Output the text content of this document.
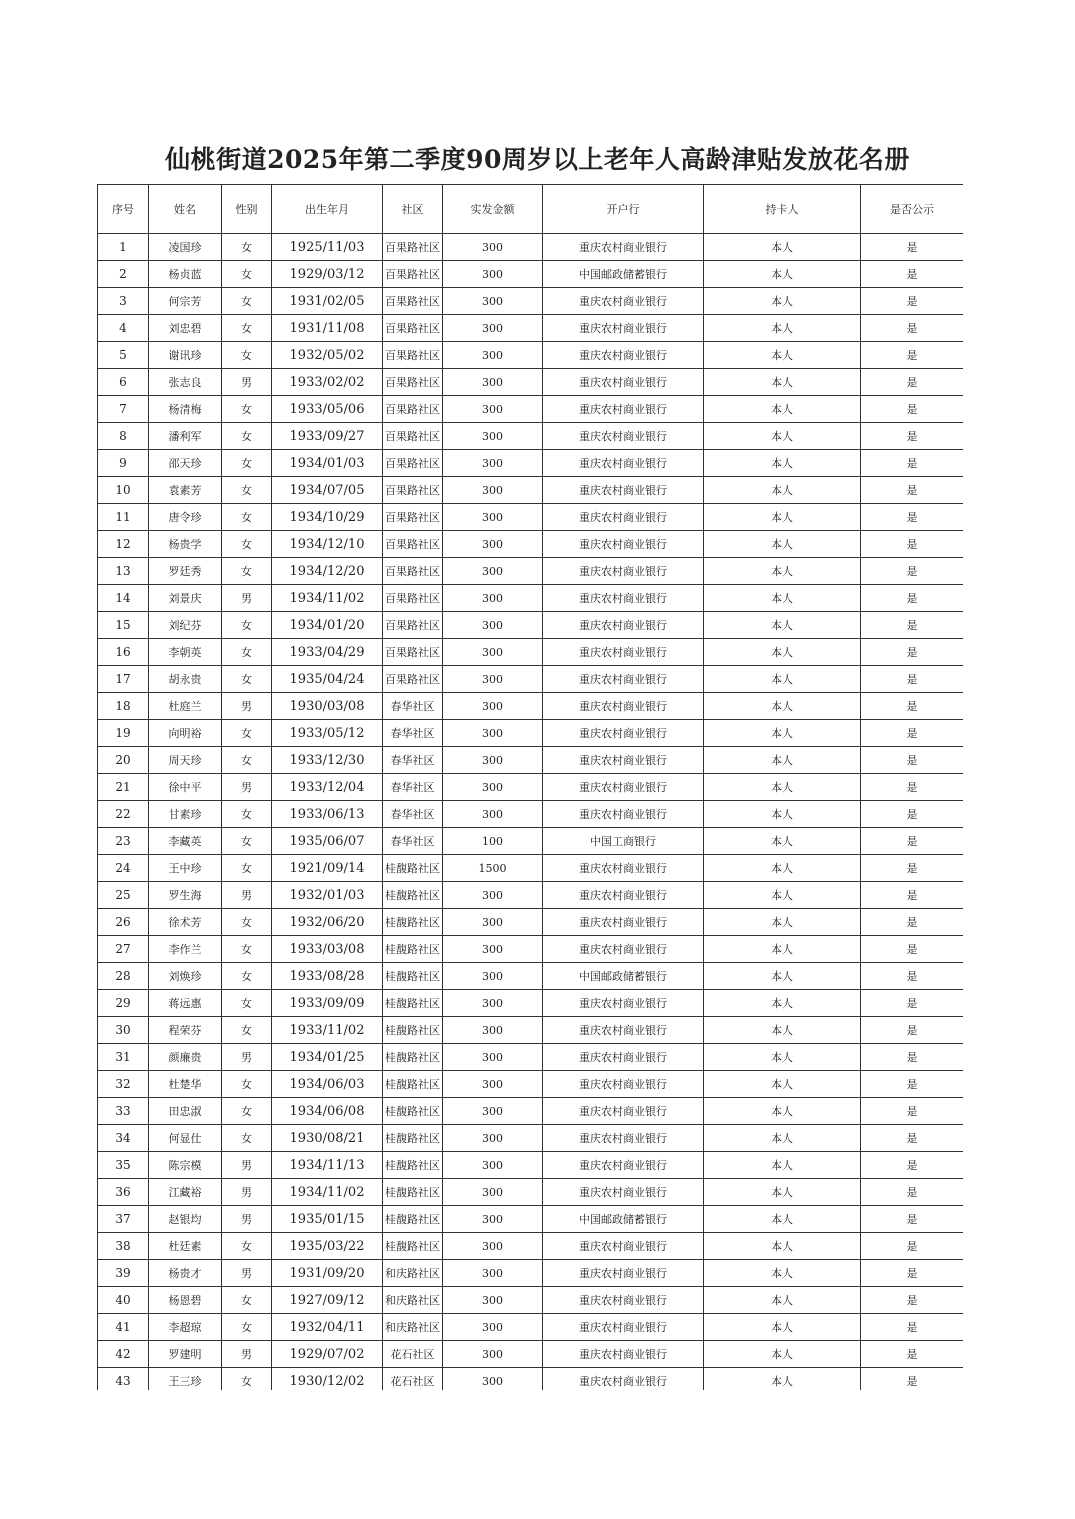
仙桃街道2025年第二季度90周岁以上老年人高龄津贴发放花名册
序号	姓名	性别	出生年月	社区	实发金额	开户行	持卡人	是否公示
1	凌国珍	女	1925/11/03	百果路社区	300	重庆农村商业银行	本人	是
2	杨贞蓝	女	1929/03/12	百果路社区	300	中国邮政储蓄银行	本人	是
3	何宗芳	女	1931/02/05	百果路社区	300	重庆农村商业银行	本人	是
4	刘忠碧	女	1931/11/08	百果路社区	300	重庆农村商业银行	本人	是
5	谢讯珍	女	1932/05/02	百果路社区	300	重庆农村商业银行	本人	是
6	张志良	男	1933/02/02	百果路社区	300	重庆农村商业银行	本人	是
7	杨清梅	女	1933/05/06	百果路社区	300	重庆农村商业银行	本人	是
8	潘利军	女	1933/09/27	百果路社区	300	重庆农村商业银行	本人	是
9	邵天珍	女	1934/01/03	百果路社区	300	重庆农村商业银行	本人	是
10	袁素芳	女	1934/07/05	百果路社区	300	重庆农村商业银行	本人	是
11	唐令珍	女	1934/10/29	百果路社区	300	重庆农村商业银行	本人	是
12	杨贵学	女	1934/12/10	百果路社区	300	重庆农村商业银行	本人	是
13	罗廷秀	女	1934/12/20	百果路社区	300	重庆农村商业银行	本人	是
14	刘景庆	男	1934/11/02	百果路社区	300	重庆农村商业银行	本人	是
15	刘纪芬	女	1934/01/20	百果路社区	300	重庆农村商业银行	本人	是
16	李朝英	女	1933/04/29	百果路社区	300	重庆农村商业银行	本人	是
17	胡永贵	女	1935/04/24	百果路社区	300	重庆农村商业银行	本人	是
18	杜庭兰	男	1930/03/08	春华社区	300	重庆农村商业银行	本人	是
19	向明裕	女	1933/05/12	春华社区	300	重庆农村商业银行	本人	是
20	周天珍	女	1933/12/30	春华社区	300	重庆农村商业银行	本人	是
21	徐中平	男	1933/12/04	春华社区	300	重庆农村商业银行	本人	是
22	甘素珍	女	1933/06/13	春华社区	300	重庆农村商业银行	本人	是
23	李藏英	女	1935/06/07	春华社区	100	中国工商银行	本人	是
24	王中珍	女	1921/09/14	桂馥路社区	1500	重庆农村商业银行	本人	是
25	罗生海	男	1932/01/03	桂馥路社区	300	重庆农村商业银行	本人	是
26	徐术芳	女	1932/06/20	桂馥路社区	300	重庆农村商业银行	本人	是
27	李作兰	女	1933/03/08	桂馥路社区	300	重庆农村商业银行	本人	是
28	刘焕珍	女	1933/08/28	桂馥路社区	300	中国邮政储蓄银行	本人	是
29	蒋远惠	女	1933/09/09	桂馥路社区	300	重庆农村商业银行	本人	是
30	程荣芬	女	1933/11/02	桂馥路社区	300	重庆农村商业银行	本人	是
31	颜廉贵	男	1934/01/25	桂馥路社区	300	重庆农村商业银行	本人	是
32	杜楚华	女	1934/06/03	桂馥路社区	300	重庆农村商业银行	本人	是
33	田忠淑	女	1934/06/08	桂馥路社区	300	重庆农村商业银行	本人	是
34	何显仕	女	1930/08/21	桂馥路社区	300	重庆农村商业银行	本人	是
35	陈宗模	男	1934/11/13	桂馥路社区	300	重庆农村商业银行	本人	是
36	江藏裕	男	1934/11/02	桂馥路社区	300	重庆农村商业银行	本人	是
37	赵银均	男	1935/01/15	桂馥路社区	300	中国邮政储蓄银行	本人	是
38	杜廷素	女	1935/03/22	桂馥路社区	300	重庆农村商业银行	本人	是
39	杨贵才	男	1931/09/20	和庆路社区	300	重庆农村商业银行	本人	是
40	杨恩碧	女	1927/09/12	和庆路社区	300	重庆农村商业银行	本人	是
41	李超琼	女	1932/04/11	和庆路社区	300	重庆农村商业银行	本人	是
42	罗建明	男	1929/07/02	花石社区	300	重庆农村商业银行	本人	是
43	王三珍	女	1930/12/02	花石社区	300	重庆农村商业银行	本人	是
